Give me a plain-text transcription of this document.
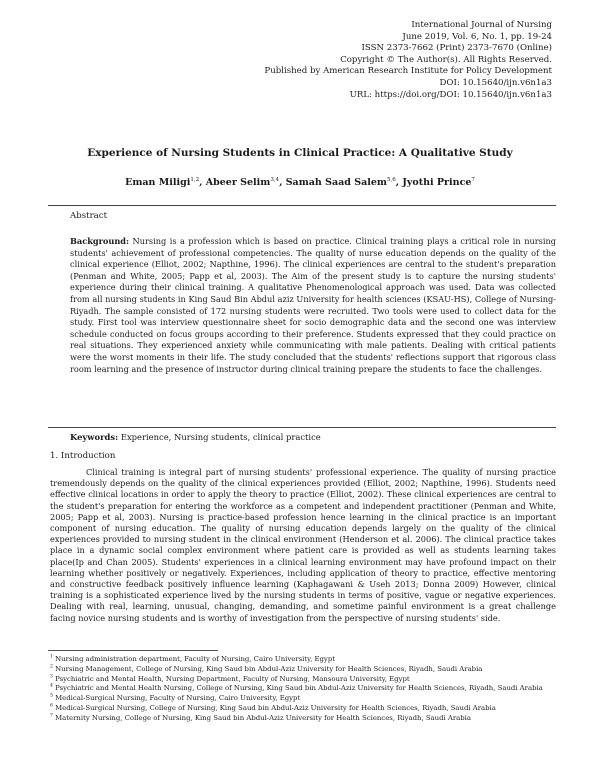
International Journal of Nursing
June 2019, Vol. 6, No. 1, pp. 19-24
ISSN 2373-7662 (Print) 2373-7670 (Online)
Copyright © The Author(s). All Rights Reserved.
Published by American Research Institute for Policy Development
DOI: 10.15640/ijn.v6n1a3
URL: https://doi.org/DOI: 10.15640/ijn.v6n1a3
Experience of Nursing Students in Clinical Practice: A Qualitative Study
Eman Miligi$^{1,2}$, Abeer Selim$^{3,4}$, Samah Saad Salem$^{5,6}$, Jyothi Prince$^7$
Abstract
Background: Nursing is a profession which is based on practice. Clinical training plays a critical role in nursing students' achievement of professional competencies. The quality of nurse education depends on the quality of the clinical experience (Elliot, 2002; Napthine, 1996). The clinical experiences are central to the student's preparation (Penman and White, 2005; Papp et al, 2003). The Aim of the present study is to capture the nursing students' experience during their clinical training. A qualitative Phenomenological approach was used. Data was collected from all nursing students in King Saud Bin Abdul aziz University for health sciences (KSAU-HS), College of Nursing-Riyadh. The sample consisted of 172 nursing students were recruited. Two tools were used to collect data for the study. First tool was interview questionnaire sheet for socio demographic data and the second one was interview schedule conducted on focus groups according to their preference. Students expressed that they could practice on real situations. They experienced anxiety while communicating with male patients. Dealing with critical patients were the worst moments in their life. The study concluded that the students' reflections support that rigorous class room learning and the presence of instructor during clinical training prepare the students to face the challenges.
Keywords: Experience, Nursing students, clinical practice
1. Introduction
Clinical training is integral part of nursing students' professional experience. The quality of nursing practice tremendously depends on the quality of the clinical experiences provided (Elliot, 2002; Napthine, 1996). Students need effective clinical locations in order to apply the theory to practice (Elliot, 2002). These clinical experiences are central to the student's preparation for entering the workforce as a competent and independent practitioner (Penman and White, 2005; Papp et al, 2003). Nursing is practice-based profession hence learning in the clinical practice is an important component of nursing education. The quality of nursing education depends largely on the quality of the clinical experiences provided to nursing student in the clinical environment (Henderson et al. 2006). The clinical practice takes place in a dynamic social complex environment where patient care is provided as well as students learning takes place(Ip and Chan 2005). Students' experiences in a clinical learning environment may have profound impact on their learning whether positively or negatively. Experiences, including application of theory to practice, effective mentoring and constructive feedback positively influence learning (Kaphagawani & Useh 2013; Donna 2009) However, clinical training is a sophisticated experience lived by the nursing students in terms of positive, vague or negative experiences. Dealing with real, learning, unusual, changing, demanding, and sometime painful environment is a great challenge facing novice nursing students and is worthy of investigation from the perspective of nursing students' side.
$^1$ Nursing administration department, Faculty of Nursing, Cairo University, Egypt
$^2$ Nursing Management, College of Nursing, King Saud bin Abdul-Aziz University for Health Sciences, Riyadh, Saudi Arabia
$^3$ Psychiatric and Mental Health, Nursing Department, Faculty of Nursing, Mansoura University, Egypt
$^4$ Psychiatric and Mental Health Nursing, College of Nursing, King Saud bin Abdul-Aziz University for Health Sciences, Riyadh, Saudi Arabia
$^5$ Medical-Surgical Nursing, Faculty of Nursing, Cairo University, Egypt
$^6$ Medical-Surgical Nursing, College of Nursing, King Saud bin Abdul-Aziz University for Health Sciences, Riyadh, Saudi Arabia
$^7$ Maternity Nursing, College of Nursing, King Saud bin Abdul-Aziz University for Health Sciences, Riyadh, Saudi Arabia
